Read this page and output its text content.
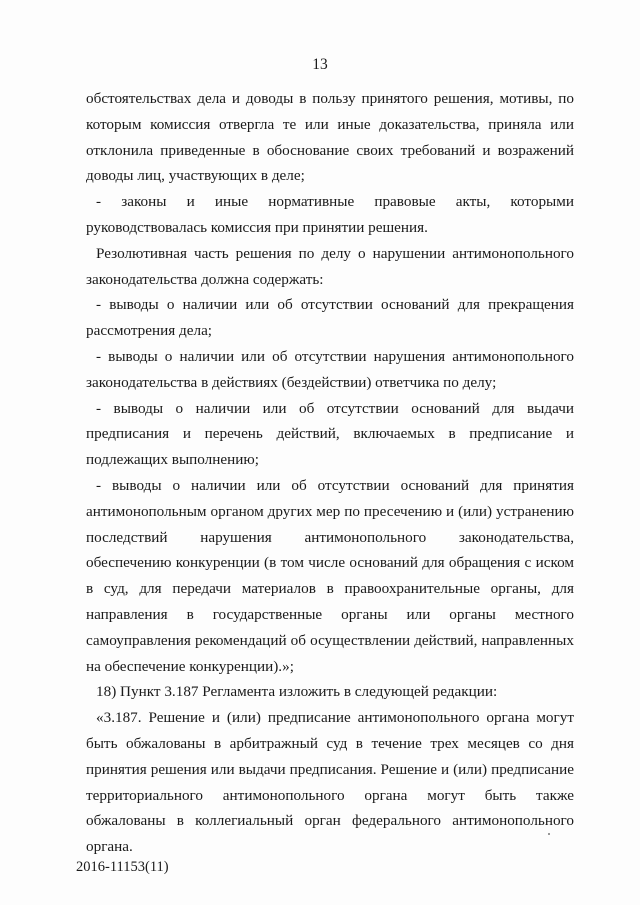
13

обстоятельствах дела и доводы в пользу принятого решения, мотивы, по которым комиссия отвергла те или иные доказательства, приняла или отклонила приведенные в обоснование своих требований и возражений доводы лиц, участвующих в деле;

- законы и иные нормативные правовые акты, которыми руководствовалась комиссия при принятии решения.

Резолютивная часть решения по делу о нарушении антимонопольного законодательства должна содержать:

- выводы о наличии или об отсутствии оснований для прекращения рассмотрения дела;

- выводы о наличии или об отсутствии нарушения антимонопольного законодательства в действиях (бездействии) ответчика по делу;

- выводы о наличии или об отсутствии оснований для выдачи предписания и перечень действий, включаемых в предписание и подлежащих выполнению;

- выводы о наличии или об отсутствии оснований для принятия антимонопольным органом других мер по пресечению и (или) устранению последствий нарушения антимонопольного законодательства, обеспечению конкуренции (в том числе оснований для обращения с иском в суд, для передачи материалов в правоохранительные органы, для направления в государственные органы или органы местного самоуправления рекомендаций об осуществлении действий, направленных на обеспечение конкуренции).»;

18) Пункт 3.187 Регламента изложить в следующей редакции:

«3.187. Решение и (или) предписание антимонопольного органа могут быть обжалованы в арбитражный суд в течение трех месяцев со дня принятия решения или выдачи предписания. Решение и (или) предписание территориального антимонопольного органа могут быть также обжалованы в коллегиальный орган федерального антимонопольного органа.

2016-11153(11)
